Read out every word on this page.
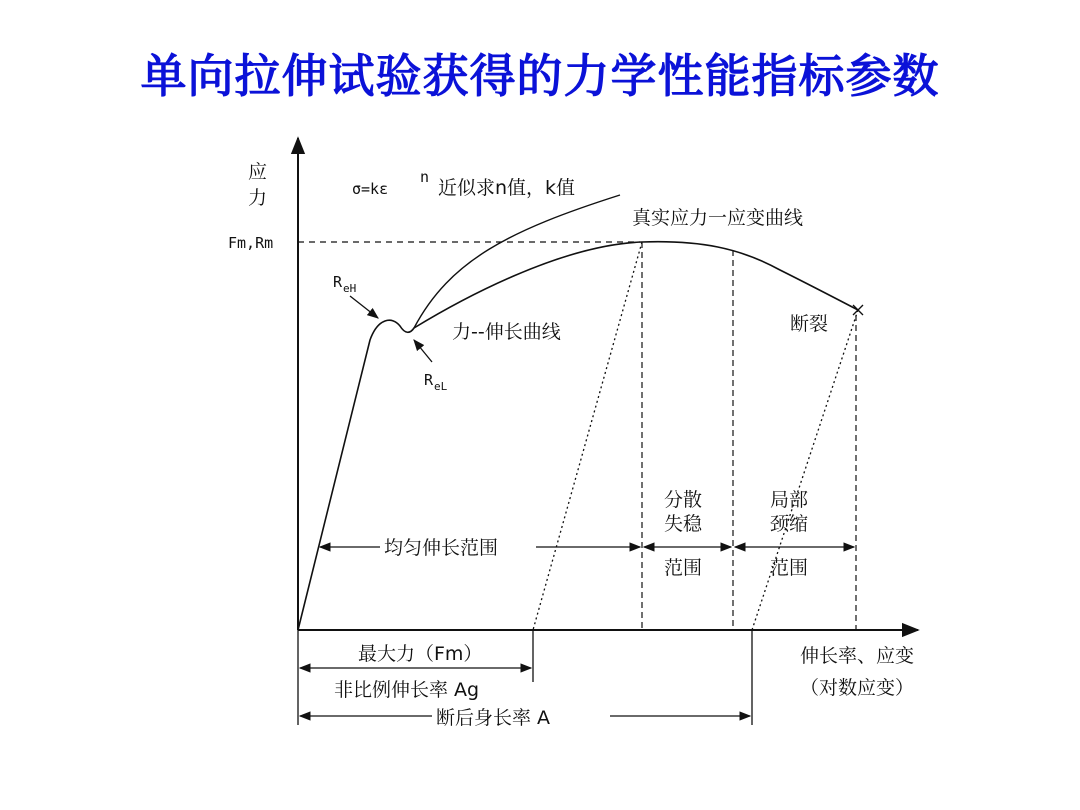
单向拉伸试验获得的力学性能指标参数
应
力
Fm,Rm
σ=kε
n 近似求n值，k值
真实应力一应变曲线
力--伸长曲线	断裂
R eH
R eL
均匀伸长范围
分散
失稳
范围
局部
颈缩
范围
伸长率、应变
（对数应变）
最大力（Fm）
非比例伸长率 Ag
断后身长率 A
